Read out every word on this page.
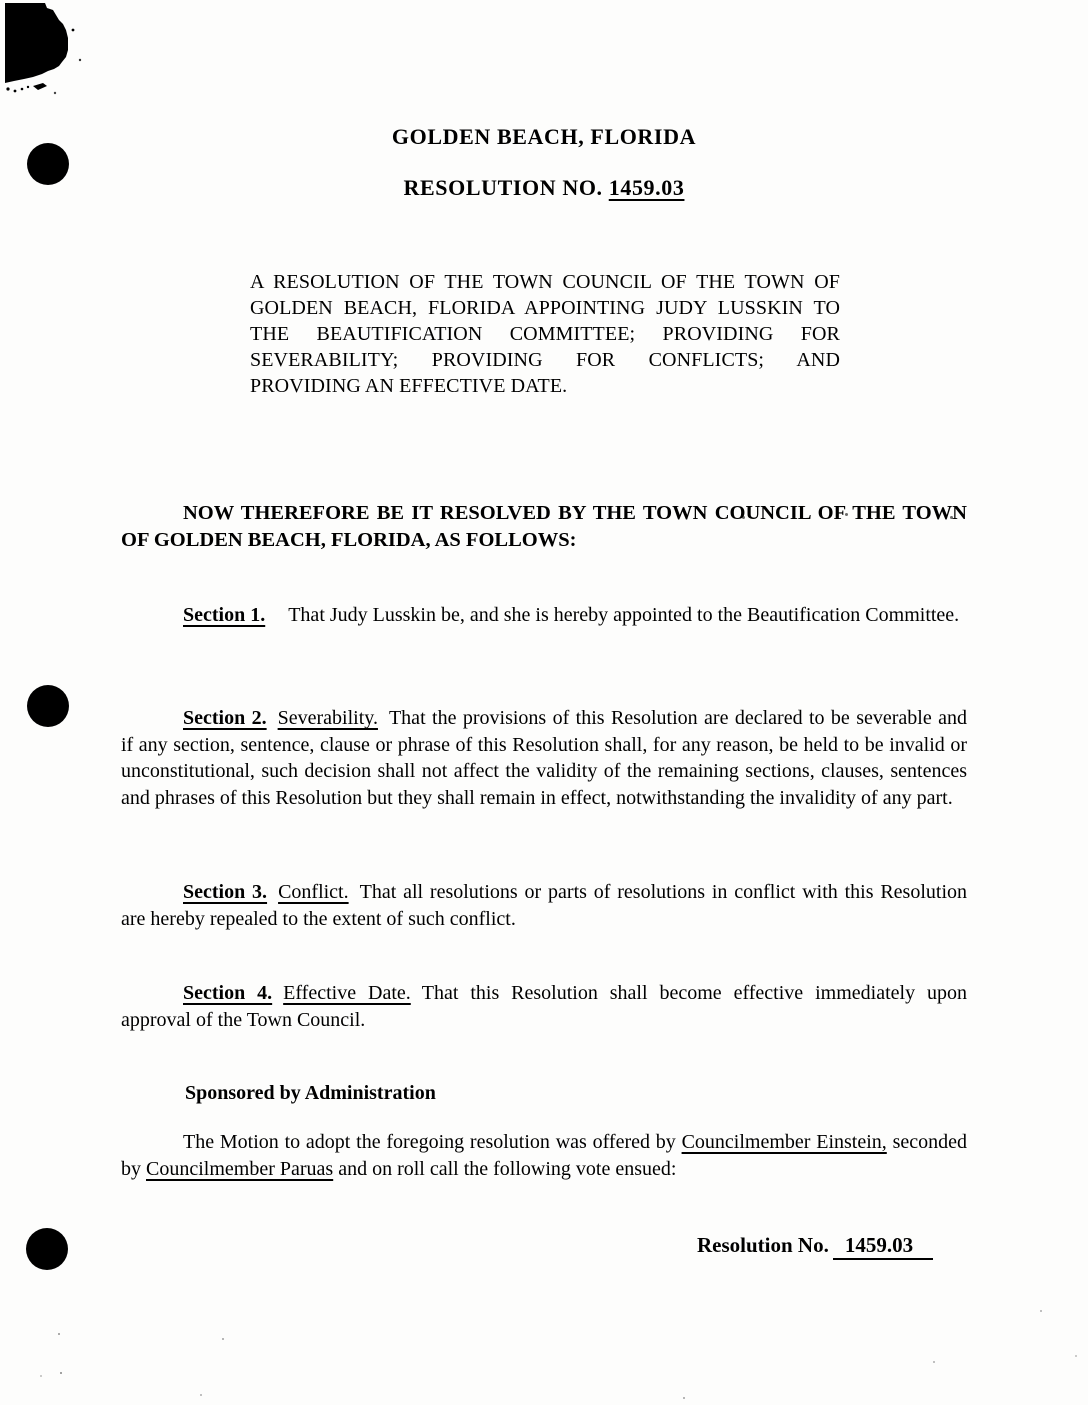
GOLDEN BEACH, FLORIDA
RESOLUTION NO. 1459.03

A RESOLUTION OF THE TOWN COUNCIL OF THE TOWN OF GOLDEN BEACH, FLORIDA APPOINTING JUDY LUSSKIN TO THE BEAUTIFICATION COMMITTEE; PROVIDING FOR SEVERABILITY; PROVIDING FOR CONFLICTS; AND PROVIDING AN EFFECTIVE DATE.

NOW THEREFORE BE IT RESOLVED BY THE TOWN COUNCIL OF THE TOWN OF GOLDEN BEACH, FLORIDA, AS FOLLOWS:

Section 1. That Judy Lusskin be, and she is hereby appointed to the Beautification Committee.

Section 2. Severability. That the provisions of this Resolution are declared to be severable and if any section, sentence, clause or phrase of this Resolution shall, for any reason, be held to be invalid or unconstitutional, such decision shall not affect the validity of the remaining sections, clauses, sentences and phrases of this Resolution but they shall remain in effect, notwithstanding the invalidity of any part.

Section 3. Conflict. That all resolutions or parts of resolutions in conflict with this Resolution are hereby repealed to the extent of such conflict.

Section 4. Effective Date. That this Resolution shall become effective immediately upon approval of the Town Council.

Sponsored by Administration

The Motion to adopt the foregoing resolution was offered by Councilmember Einstein, seconded by Councilmember Paruas and on roll call the following vote ensued:

Resolution No. 1459.03
